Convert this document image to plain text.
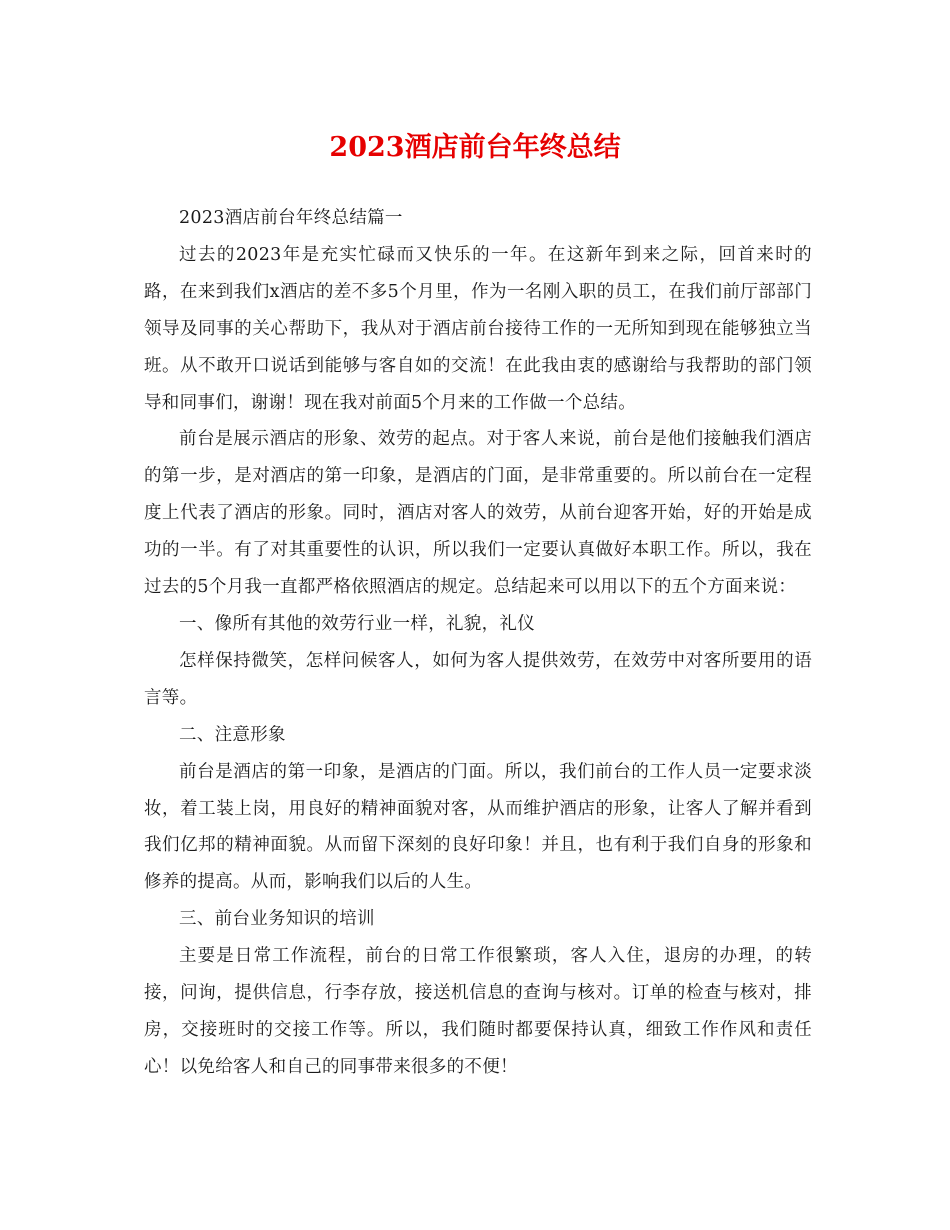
2023酒店前台年终总结

2023酒店前台年终总结篇一

过去的2023年是充实忙碌而又快乐的一年。在这新年到来之际，回首来时的路，在来到我们x酒店的差不多5个月里，作为一名刚入职的员工，在我们前厅部部门领导及同事的关心帮助下，我从对于酒店前台接待工作的一无所知到现在能够独立当班。从不敢开口说话到能够与客自如的交流！在此我由衷的感谢给与我帮助的部门领导和同事们，谢谢！现在我对前面5个月来的工作做一个总结。

前台是展示酒店的形象、效劳的起点。对于客人来说，前台是他们接触我们酒店的第一步，是对酒店的第一印象，是酒店的门面，是非常重要的。所以前台在一定程度上代表了酒店的形象。同时，酒店对客人的效劳，从前台迎客开始，好的开始是成功的一半。有了对其重要性的认识，所以我们一定要认真做好本职工作。所以，我在过去的5个月我一直都严格依照酒店的规定。总结起来可以用以下的五个方面来说：

一、像所有其他的效劳行业一样，礼貌，礼仪

怎样保持微笑，怎样问候客人，如何为客人提供效劳，在效劳中对客所要用的语言等。

二、注意形象

前台是酒店的第一印象，是酒店的门面。所以，我们前台的工作人员一定要求淡妆，着工装上岗，用良好的精神面貌对客，从而维护酒店的形象，让客人了解并看到我们亿邦的精神面貌。从而留下深刻的良好印象！并且，也有利于我们自身的形象和修养的提高。从而，影响我们以后的人生。

三、前台业务知识的培训

主要是日常工作流程，前台的日常工作很繁琐，客人入住，退房的办理，的转接，问询，提供信息，行李存放，接送机信息的查询与核对。订单的检查与核对，排房，交接班时的交接工作等。所以，我们随时都要保持认真，细致工作作风和责任心！以免给客人和自己的同事带来很多的不便！
